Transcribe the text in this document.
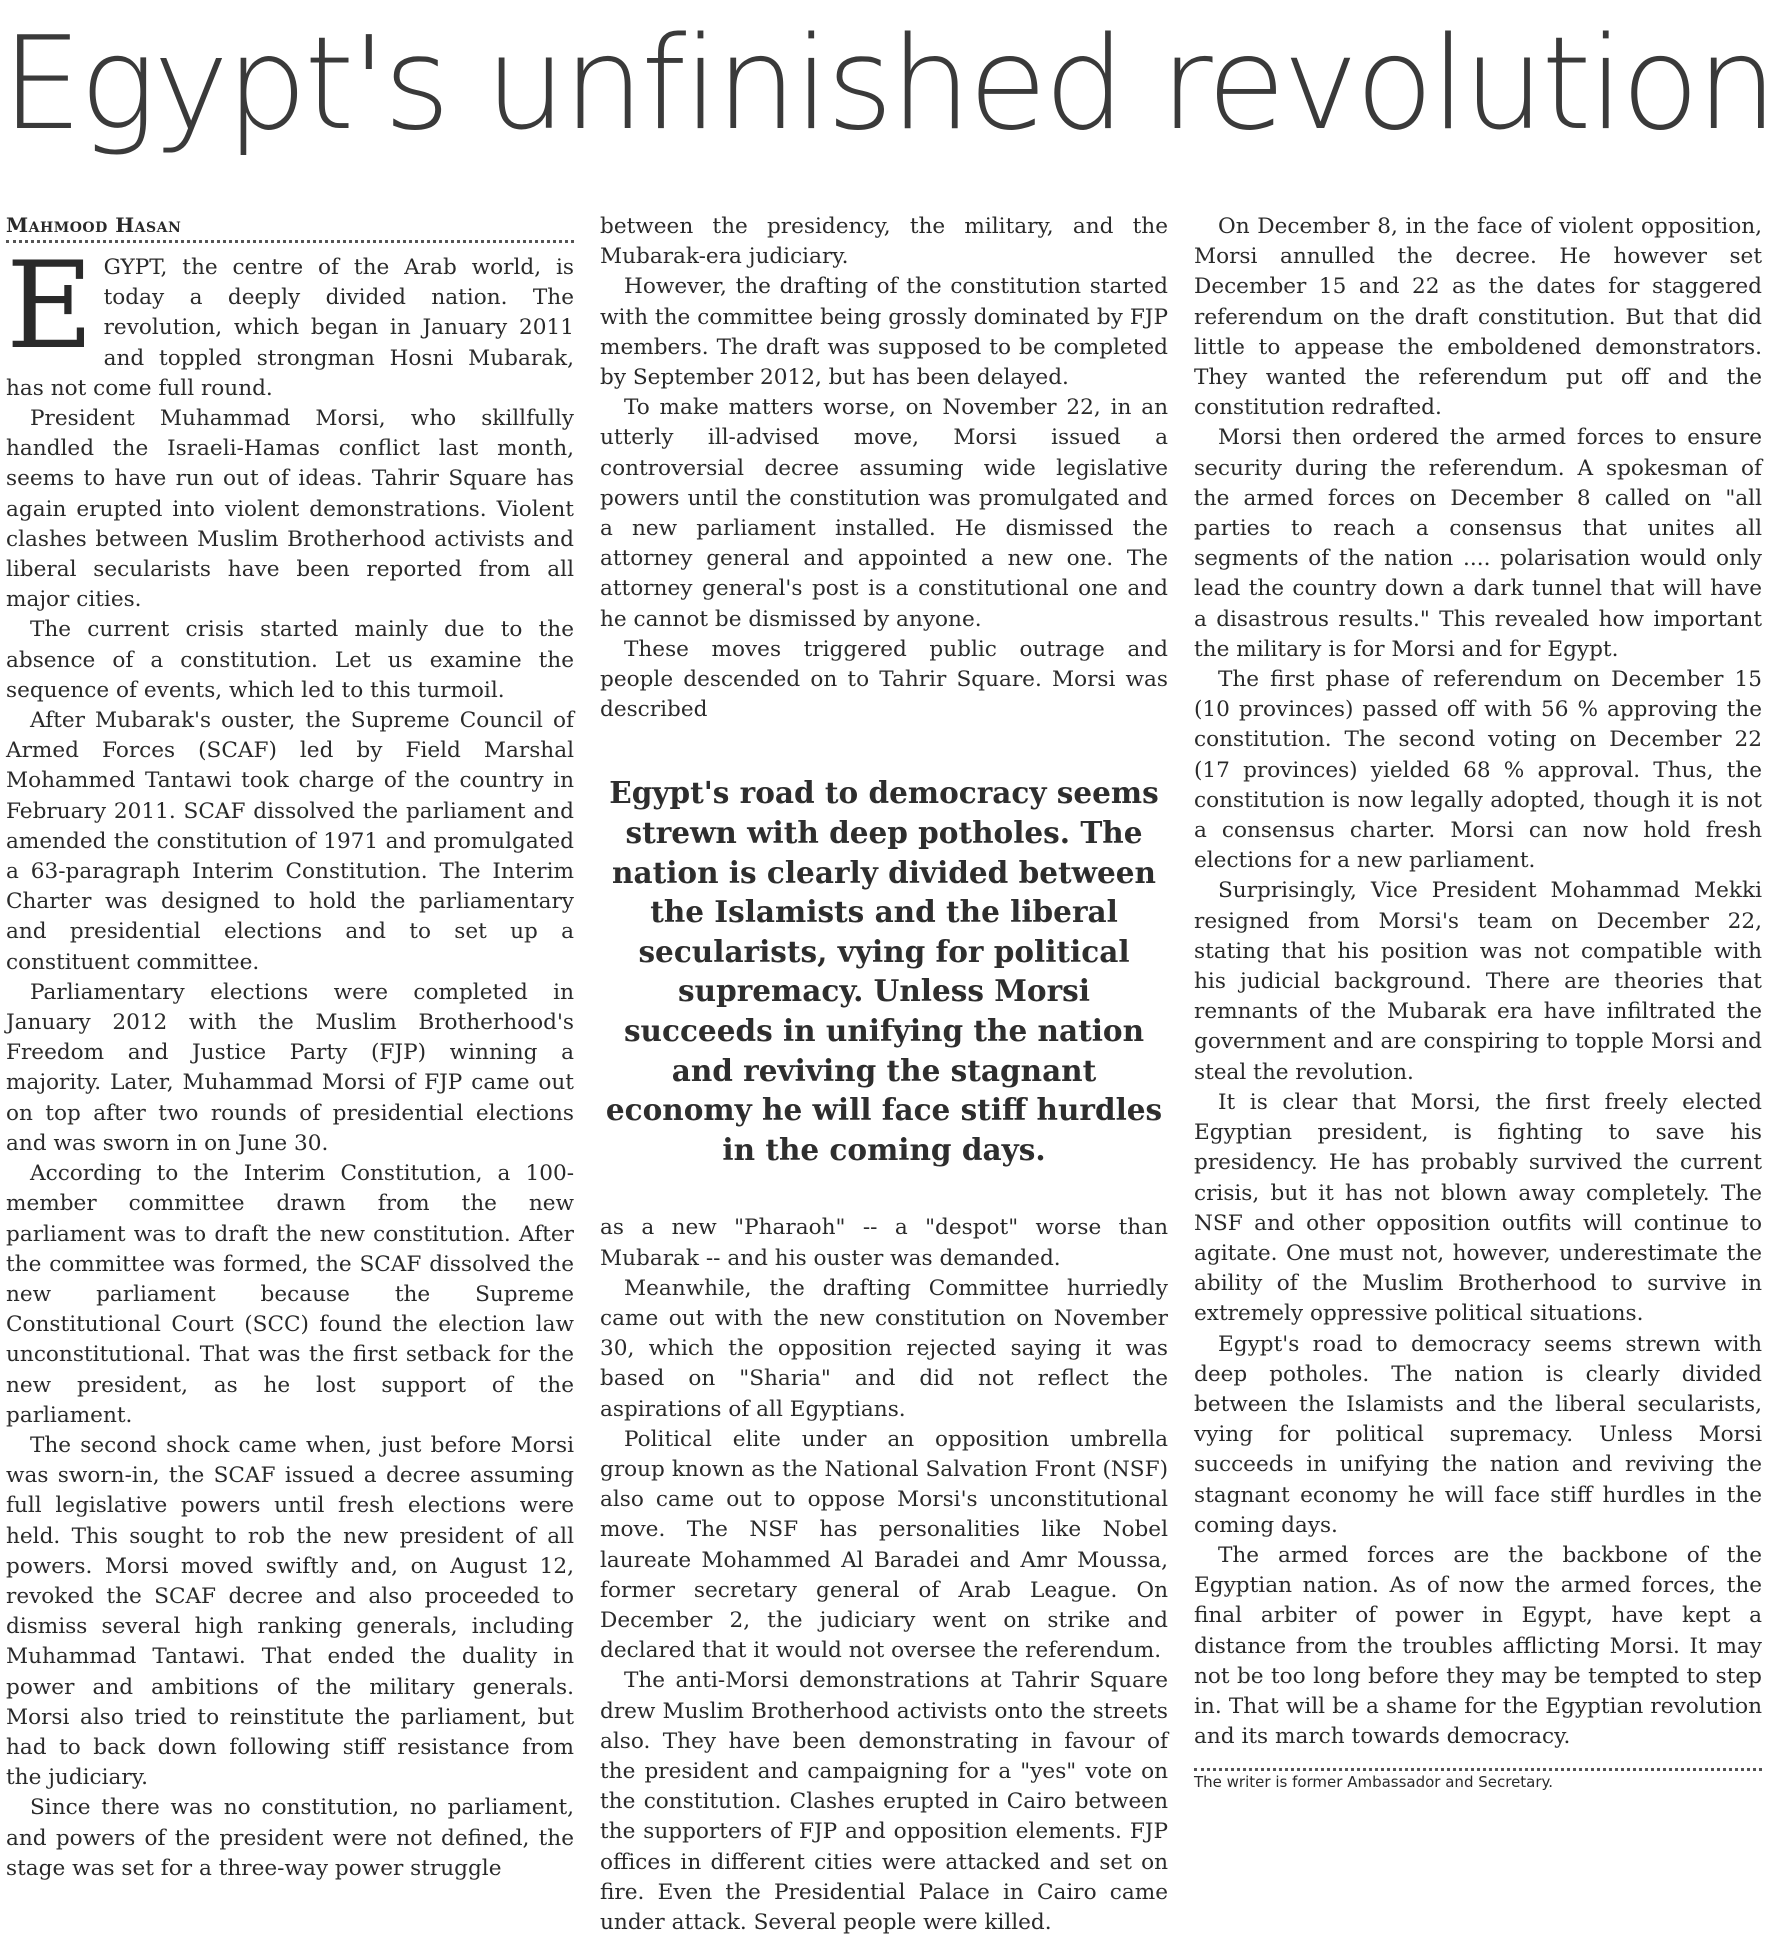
Egypt's unfinished revolution
Mahmood Hasan

EGYPT, the centre of the Arab world, is today a deeply divided nation. The revolution, which began in January 2011 and toppled strongman Hosni Mubarak, has not come full round.

President Muhammad Morsi, who skillfully handled the Israeli-Hamas conflict last month, seems to have run out of ideas. Tahrir Square has again erupted into violent demonstrations. Violent clashes between Muslim Brotherhood activists and liberal secularists have been reported from all major cities.

The current crisis started mainly due to the absence of a constitution. Let us examine the sequence of events, which led to this turmoil.

After Mubarak's ouster, the Supreme Council of Armed Forces (SCAF) led by Field Marshal Mohammed Tantawi took charge of the country in February 2011. SCAF dissolved the parliament and amended the constitution of 1971 and promulgated a 63-paragraph Interim Constitution. The Interim Charter was designed to hold the parliamentary and presidential elections and to set up a constituent committee.

Parliamentary elections were completed in January 2012 with the Muslim Brotherhood's Freedom and Justice Party (FJP) winning a majority. Later, Muhammad Morsi of FJP came out on top after two rounds of presidential elections and was sworn in on June 30.

According to the Interim Constitution, a 100-member committee drawn from the new parliament was to draft the new constitution. After the committee was formed, the SCAF dissolved the new parliament because the Supreme Constitutional Court (SCC) found the election law unconstitutional. That was the first setback for the new president, as he lost support of the parliament.

The second shock came when, just before Morsi was sworn-in, the SCAF issued a decree assuming full legislative powers until fresh elections were held. This sought to rob the new president of all powers. Morsi moved swiftly and, on August 12, revoked the SCAF decree and also proceeded to dismiss several high ranking generals, including Muhammad Tantawi. That ended the duality in power and ambitions of the military generals. Morsi also tried to reinstitute the parliament, but had to back down following stiff resistance from the judiciary.

Since there was no constitution, no parliament, and powers of the president were not defined, the stage was set for a three-way power struggle

between the presidency, the military, and the Mubarak-era judiciary.

However, the drafting of the constitution started with the committee being grossly dominated by FJP members. The draft was supposed to be completed by September 2012, but has been delayed.

To make matters worse, on November 22, in an utterly ill-advised move, Morsi issued a controversial decree assuming wide legislative powers until the constitution was promulgated and a new parliament installed. He dismissed the attorney general and appointed a new one. The attorney general's post is a constitutional one and he cannot be dismissed by anyone.

These moves triggered public outrage and people descended on to Tahrir Square. Morsi was described

Egypt's road to democracy seems strewn with deep potholes. The nation is clearly divided between the Islamists and the liberal secularists, vying for political supremacy. Unless Morsi succeeds in unifying the nation and reviving the stagnant economy he will face stiff hurdles in the coming days.

as a new "Pharaoh" -- a "despot" worse than Mubarak -- and his ouster was demanded.

Meanwhile, the drafting Committee hurriedly came out with the new constitution on November 30, which the opposition rejected saying it was based on "Sharia" and did not reflect the aspirations of all Egyptians.

Political elite under an opposition umbrella group known as the National Salvation Front (NSF) also came out to oppose Morsi's unconstitutional move. The NSF has personalities like Nobel laureate Mohammed Al Baradei and Amr Moussa, former secretary general of Arab League. On December 2, the judiciary went on strike and declared that it would not oversee the referendum.

The anti-Morsi demonstrations at Tahrir Square drew Muslim Brotherhood activists onto the streets also. They have been demonstrating in favour of the president and campaigning for a "yes" vote on the constitution. Clashes erupted in Cairo between the supporters of FJP and opposition elements. FJP offices in different cities were attacked and set on fire. Even the Presidential Palace in Cairo came under attack. Several people were killed.

On December 8, in the face of violent opposition, Morsi annulled the decree. He however set December 15 and 22 as the dates for staggered referendum on the draft constitution. But that did little to appease the emboldened demonstrators. They wanted the referendum put off and the constitution redrafted.

Morsi then ordered the armed forces to ensure security during the referendum. A spokesman of the armed forces on December 8 called on "all parties to reach a consensus that unites all segments of the nation .... polarisation would only lead the country down a dark tunnel that will have a disastrous results." This revealed how important the military is for Morsi and for Egypt.

The first phase of referendum on December 15 (10 provinces) passed off with 56 % approving the constitution. The second voting on December 22 (17 provinces) yielded 68 % approval. Thus, the constitution is now legally adopted, though it is not a consensus charter. Morsi can now hold fresh elections for a new parliament.

Surprisingly, Vice President Mohammad Mekki resigned from Morsi's team on December 22, stating that his position was not compatible with his judicial background. There are theories that remnants of the Mubarak era have infiltrated the government and are conspiring to topple Morsi and steal the revolution.

It is clear that Morsi, the first freely elected Egyptian president, is fighting to save his presidency. He has probably survived the current crisis, but it has not blown away completely. The NSF and other opposition outfits will continue to agitate. One must not, however, underestimate the ability of the Muslim Brotherhood to survive in extremely oppressive political situations.

Egypt's road to democracy seems strewn with deep potholes. The nation is clearly divided between the Islamists and the liberal secularists, vying for political supremacy. Unless Morsi succeeds in unifying the nation and reviving the stagnant economy he will face stiff hurdles in the coming days.

The armed forces are the backbone of the Egyptian nation. As of now the armed forces, the final arbiter of power in Egypt, have kept a distance from the troubles afflicting Morsi. It may not be too long before they may be tempted to step in. That will be a shame for the Egyptian revolution and its march towards democracy.

The writer is former Ambassador and Secretary.
